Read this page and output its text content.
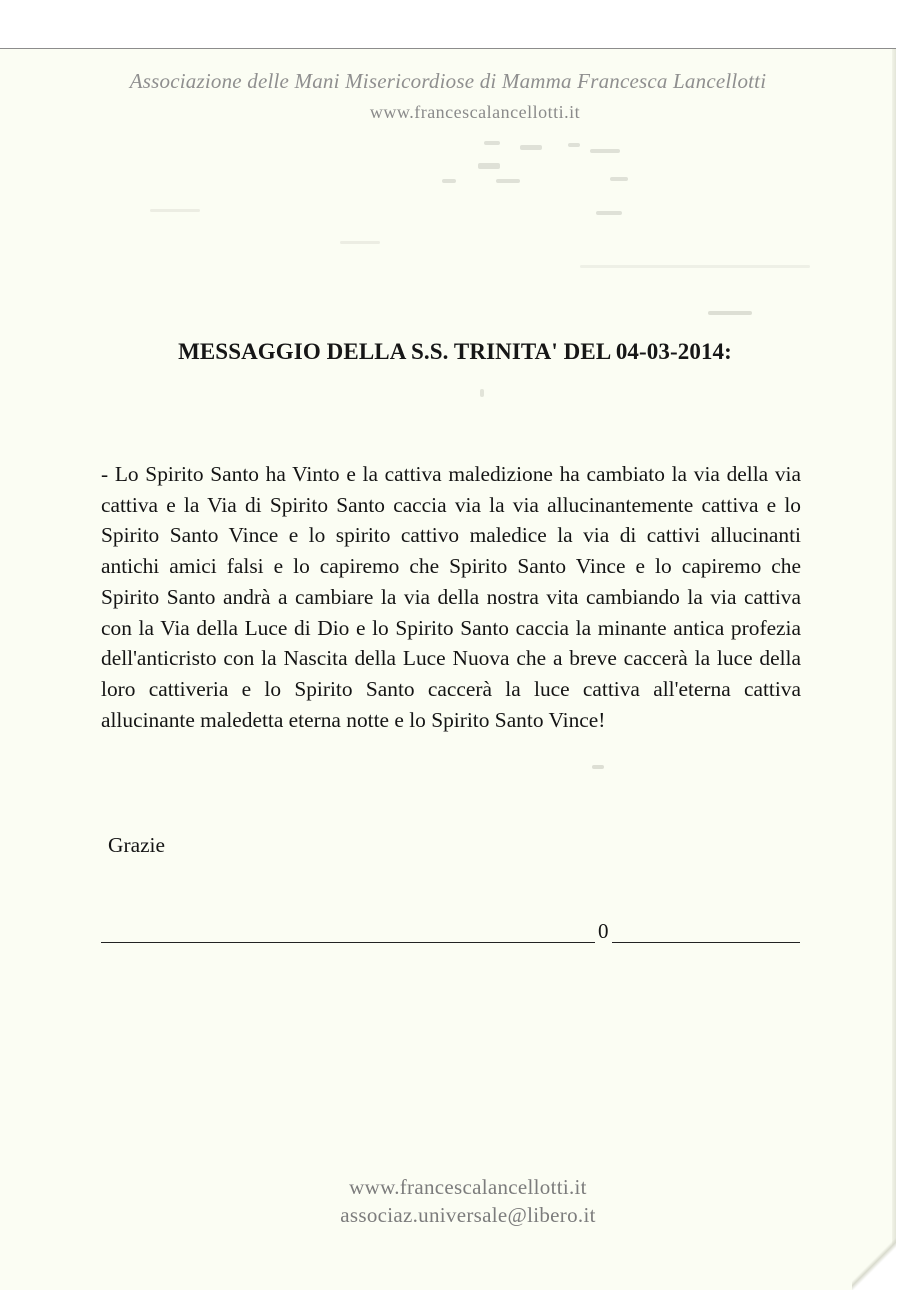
Associazione delle Mani Misericordiose di Mamma Francesca Lancellotti
www.francescalancellotti.it
MESSAGGIO DELLA S.S. TRINITA' DEL 04-03-2014:
- Lo Spirito Santo ha Vinto e la cattiva maledizione ha cambiato la via della via cattiva e la Via di Spirito Santo caccia via la via allucinantemente cattiva e lo Spirito Santo Vince e lo spirito cattivo maledice la via di cattivi allucinanti antichi amici falsi e lo capiremo che Spirito Santo Vince e lo capiremo che Spirito Santo andrà a cambiare la via della nostra vita cambiando la via cattiva con la Via della Luce di Dio e lo Spirito Santo caccia la minante antica profezia dell'anticristo con la Nascita della Luce Nuova che a breve caccerà la luce della loro cattiveria e lo Spirito Santo caccerà la luce cattiva all'eterna cattiva allucinante maledetta eterna notte e lo Spirito Santo Vince!
Grazie
0
www.francescalancellotti.it
associaz.universale@libero.it
